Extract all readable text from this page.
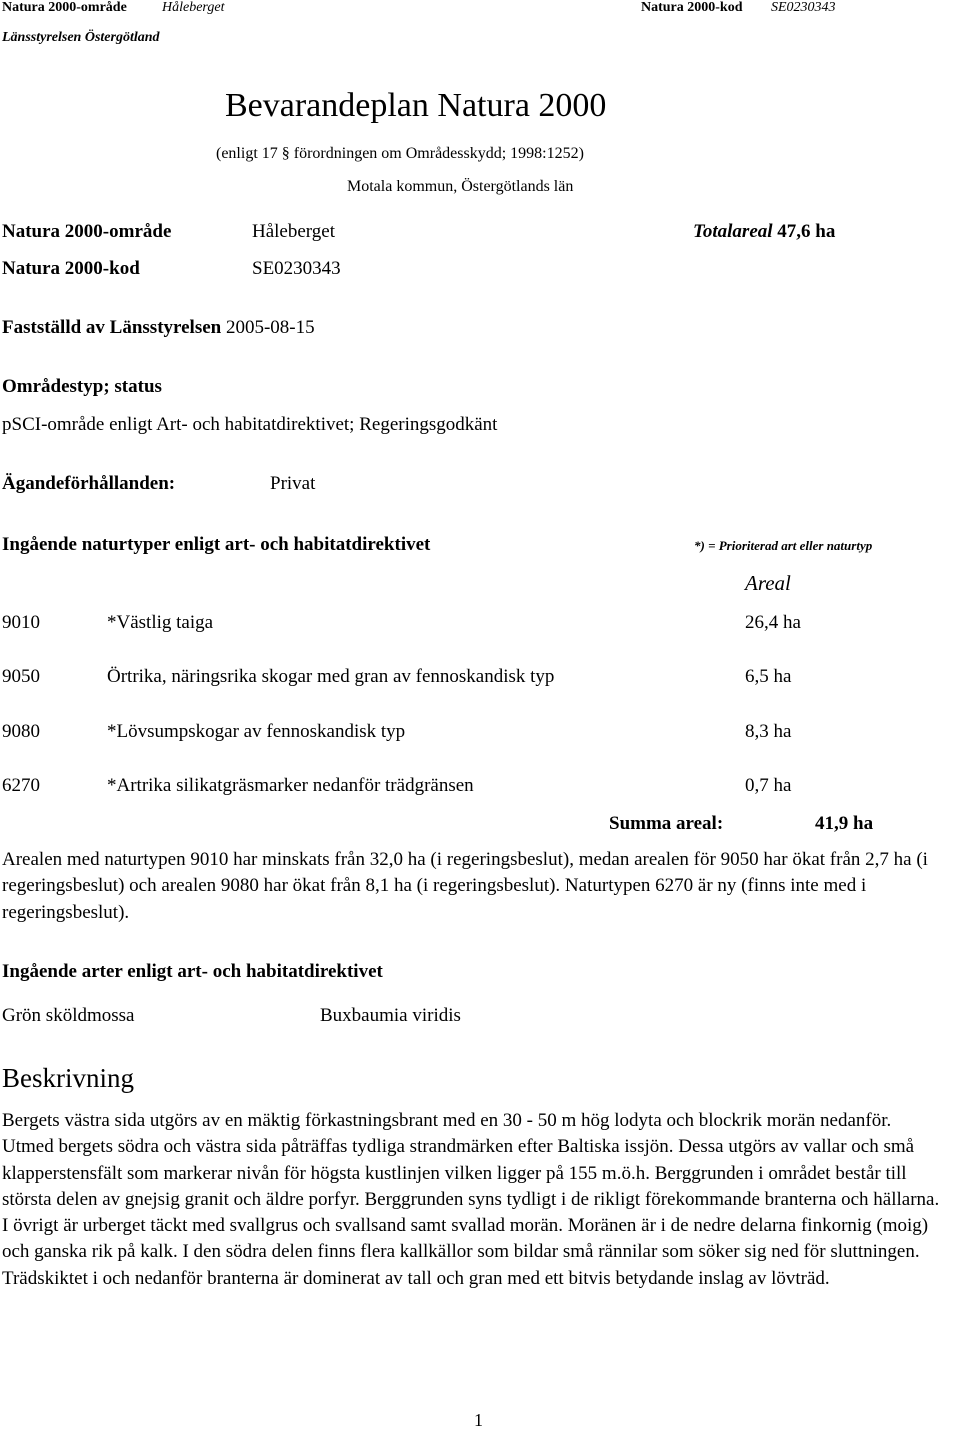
Natura 2000-område	Håleberget	Natura 2000-kod SE0230343
Länsstyrelsen Östergötland
Bevarandeplan Natura 2000
(enligt 17 § förordningen om Områdesskydd; 1998:1252)
Motala kommun, Östergötlands län
Natura 2000-område	Håleberget	Totalareal 47,6 ha
Natura 2000-kod	SE0230343
Fastställd av Länsstyrelsen 2005-08-15
Områdestyp; status
pSCI-område enligt Art- och habitatdirektivet; Regeringsgodkänt
Ägandeförhållanden:	Privat
Ingående naturtyper enligt art- och habitatdirektivet	*) = Prioriterad art eller naturtyp
Areal
9010	*Västlig taiga	26,4 ha
9050	Örtrika, näringsrika skogar med gran av fennoskandisk typ	6,5 ha
9080	*Lövsumpskogar av fennoskandisk typ	8,3 ha
6270	*Artrika silikatgräsmarker nedanför trädgränsen	0,7 ha
Summa areal:	41,9 ha
Arealen med naturtypen 9010 har minskats från 32,0 ha (i regeringsbeslut), medan arealen för 9050 har ökat från 2,7 ha (i regeringsbeslut) och arealen 9080 har ökat från 8,1 ha (i regeringsbeslut). Naturtypen 6270 är ny (finns inte med i regeringsbeslut).
Ingående arter enligt art- och habitatdirektivet
Grön sköldmossa	Buxbaumia viridis
Beskrivning
Bergets västra sida utgörs av en mäktig förkastningsbrant med en 30 - 50 m hög lodyta och blockrik morän nedanför. Utmed bergets södra och västra sida påträffas tydliga strandmärken efter Baltiska issjön. Dessa utgörs av vallar och små klapperstensfält som markerar nivån för högsta kustlinjen vilken ligger på 155 m.ö.h. Berggrunden i området består till största delen av gnejsig granit och äldre porfyr. Berggrunden syns tydligt i de rikligt förekommande branterna och hällarna. I övrigt är urberget täckt med svallgrus och svallsand samt svallad morän. Moränen är i de nedre delarna finkornig (moig) och ganska rik på kalk. I den södra delen finns flera kallkällor som bildar små rännilar som söker sig ned för sluttningen. Trädskiktet i och nedanför branterna är dominerat av tall och gran med ett bitvis betydande inslag av lövträd.
1
